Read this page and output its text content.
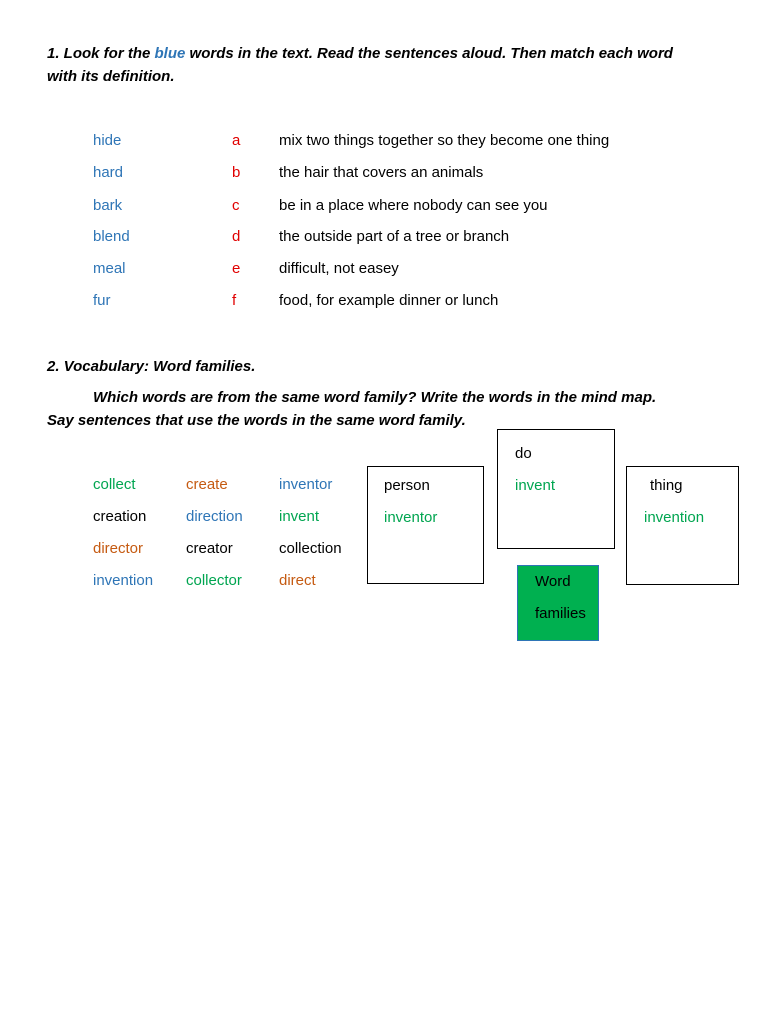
1. Look for the blue words in the text. Read the sentences aloud. Then match each word
with its definition.
hide	a	mix two things together so they become one thing
hard	b	the hair that covers an animals
bark	c	be in a place where nobody can see you
blend	d	the outside part of a tree or branch
meal	e	difficult, not easey
fur	f	food, for example dinner or lunch
2. Vocabulary: Word families.
Which words are from the same word family? Write the words in the mind map.
Say sentences that use the words in the same word family.
collect	create	inventor
creation	direction invent
director	creator	collection
invention collector direct
person
inventor
do
invent	thing
invention
Word
families
